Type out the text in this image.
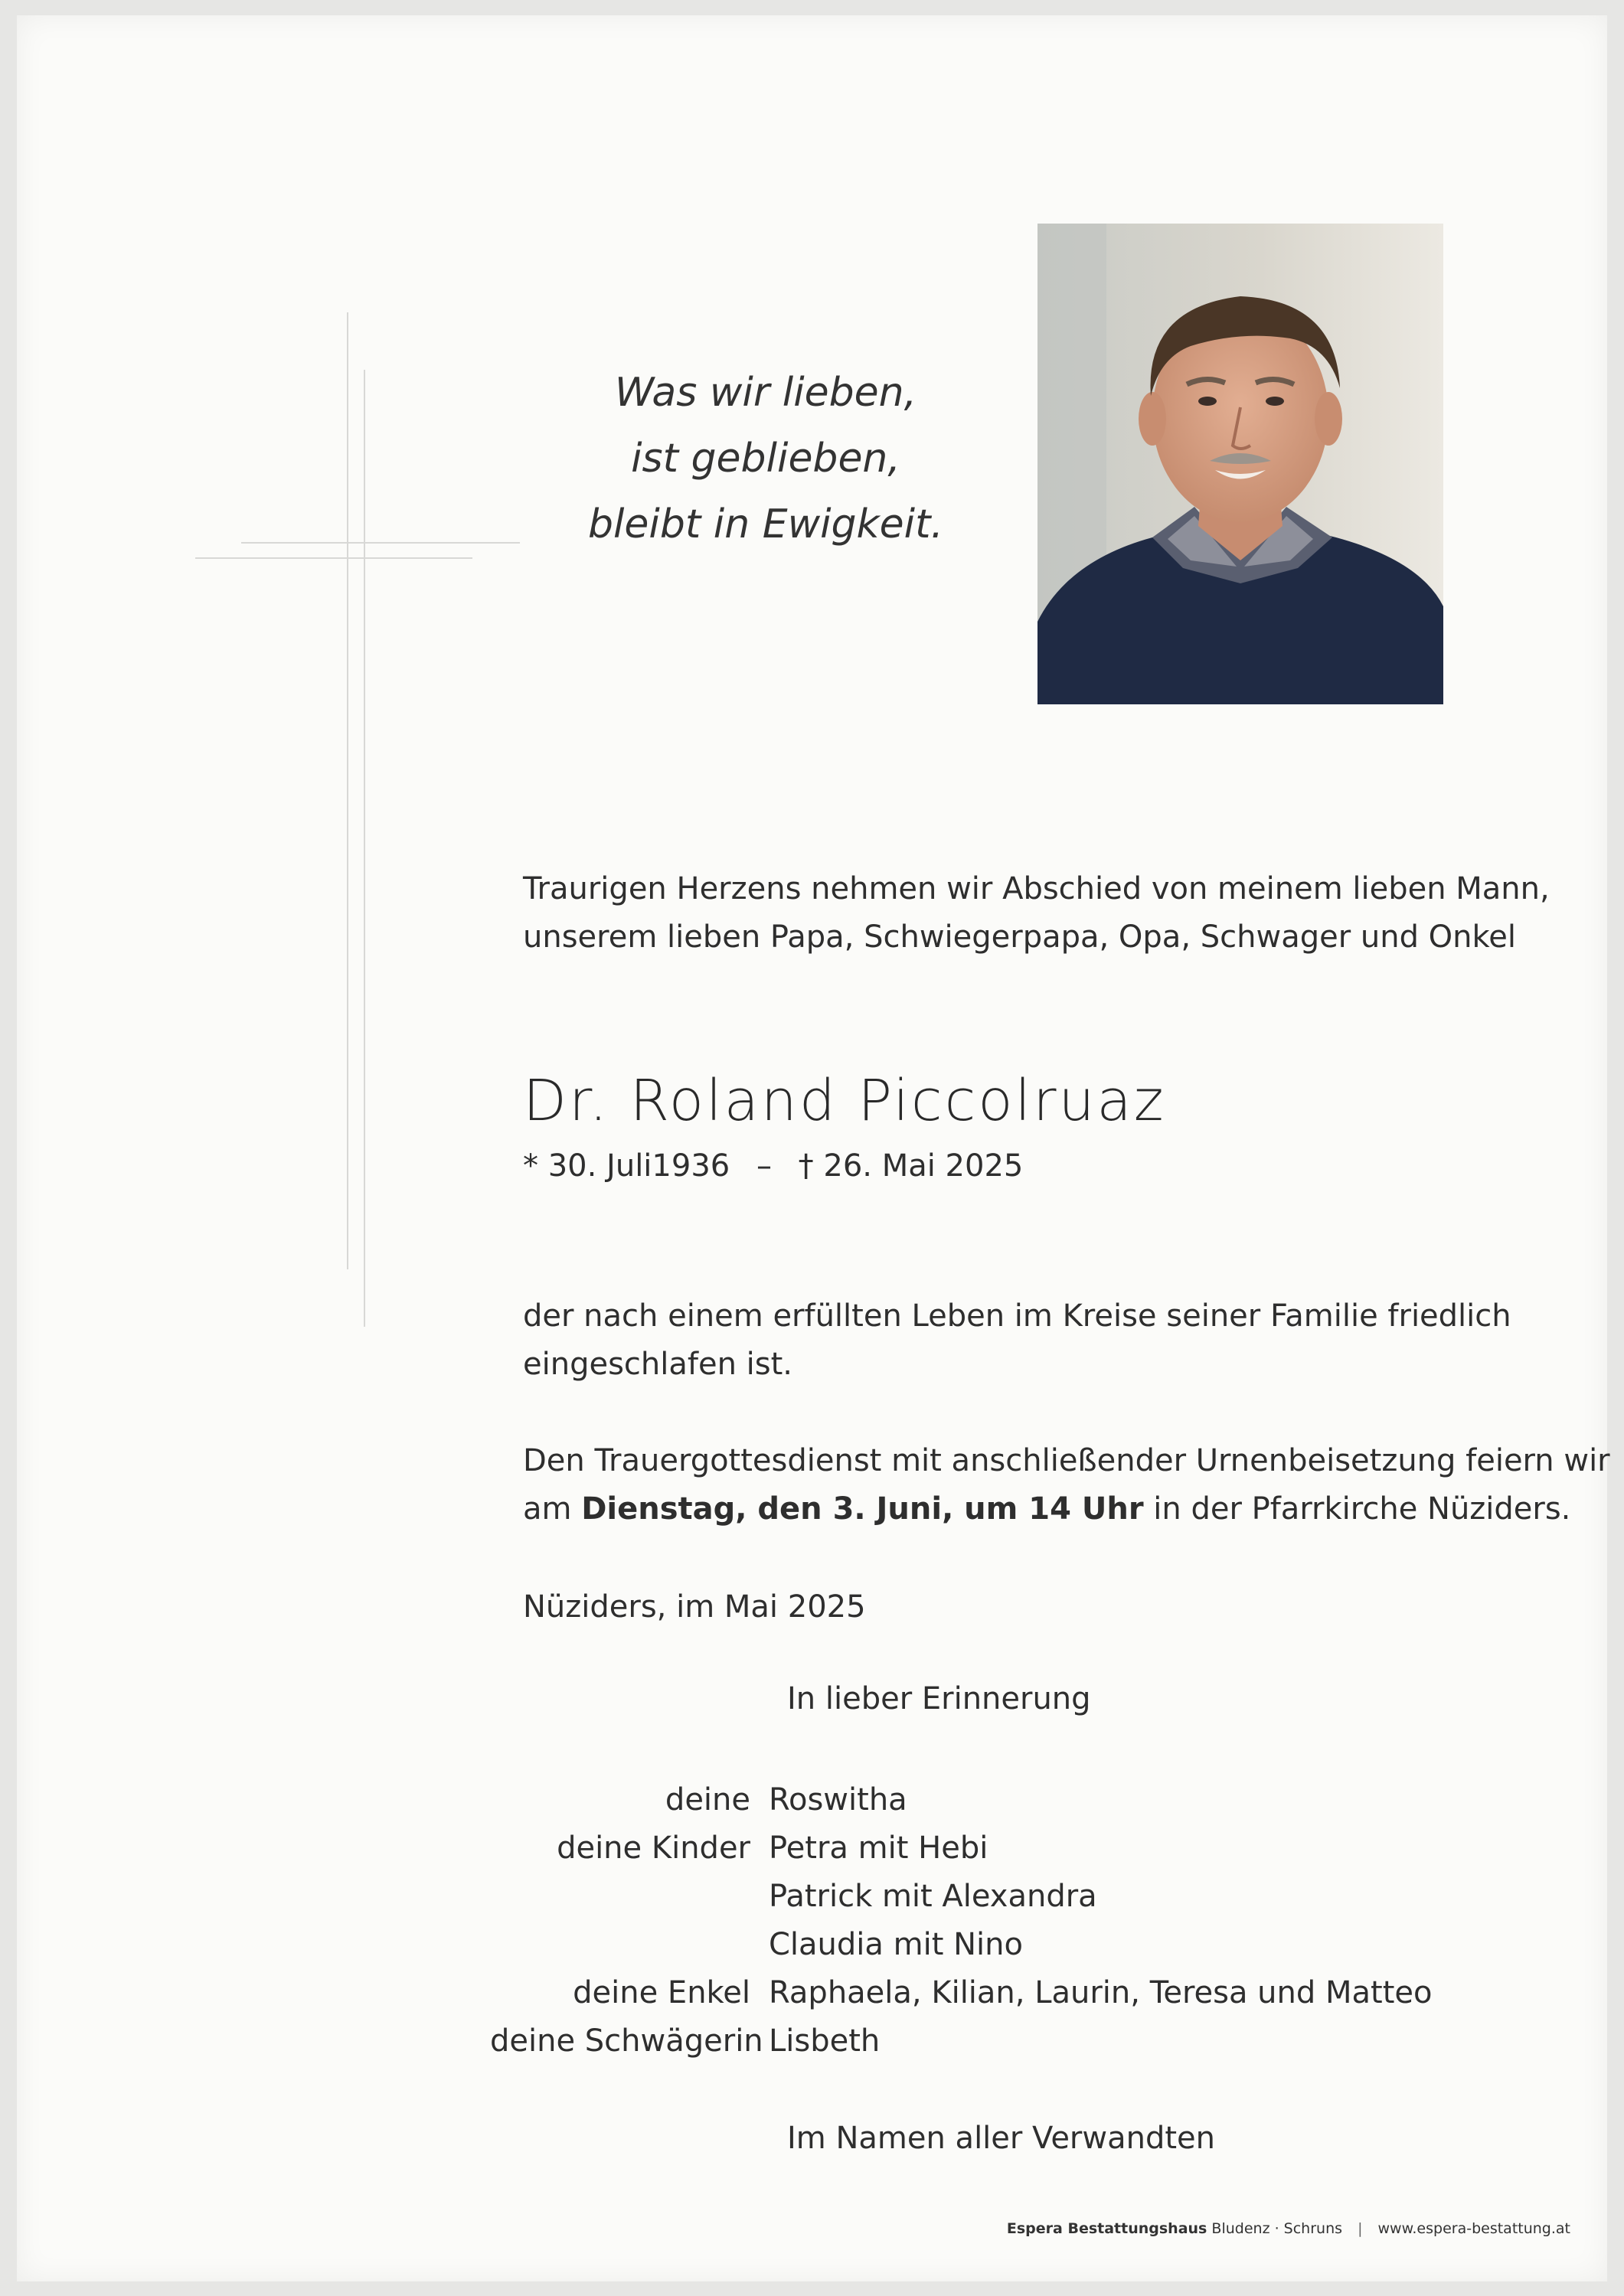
Was wir lieben,
ist geblieben,
bleibt in Ewigkeit.
Traurigen Herzens nehmen wir Abschied von meinem lieben Mann,
unserem lieben Papa, Schwiegerpapa, Opa, Schwager und Onkel
Dr. Roland Piccolruaz
* 30. Juli1936 – † 26. Mai 2025
der nach einem erfüllten Leben im Kreise seiner Familie friedlich
eingeschlafen ist.
Den Trauergottesdienst mit anschließender Urnenbeisetzung feiern wir
am Dienstag, den 3. Juni, um 14 Uhr in der Pfarrkirche Nüziders.
Nüziders, im Mai 2025
In lieber Erinnerung
deine Roswitha
deine Kinder Petra mit Hebi
Patrick mit Alexandra
Claudia mit Nino
deine Enkel Raphaela, Kilian, Laurin, Teresa und Matteo
deine Schwägerin Lisbeth
Im Namen aller Verwandten
Espera Bestattungshaus Bludenz · Schruns | www.espera-bestattung.at
